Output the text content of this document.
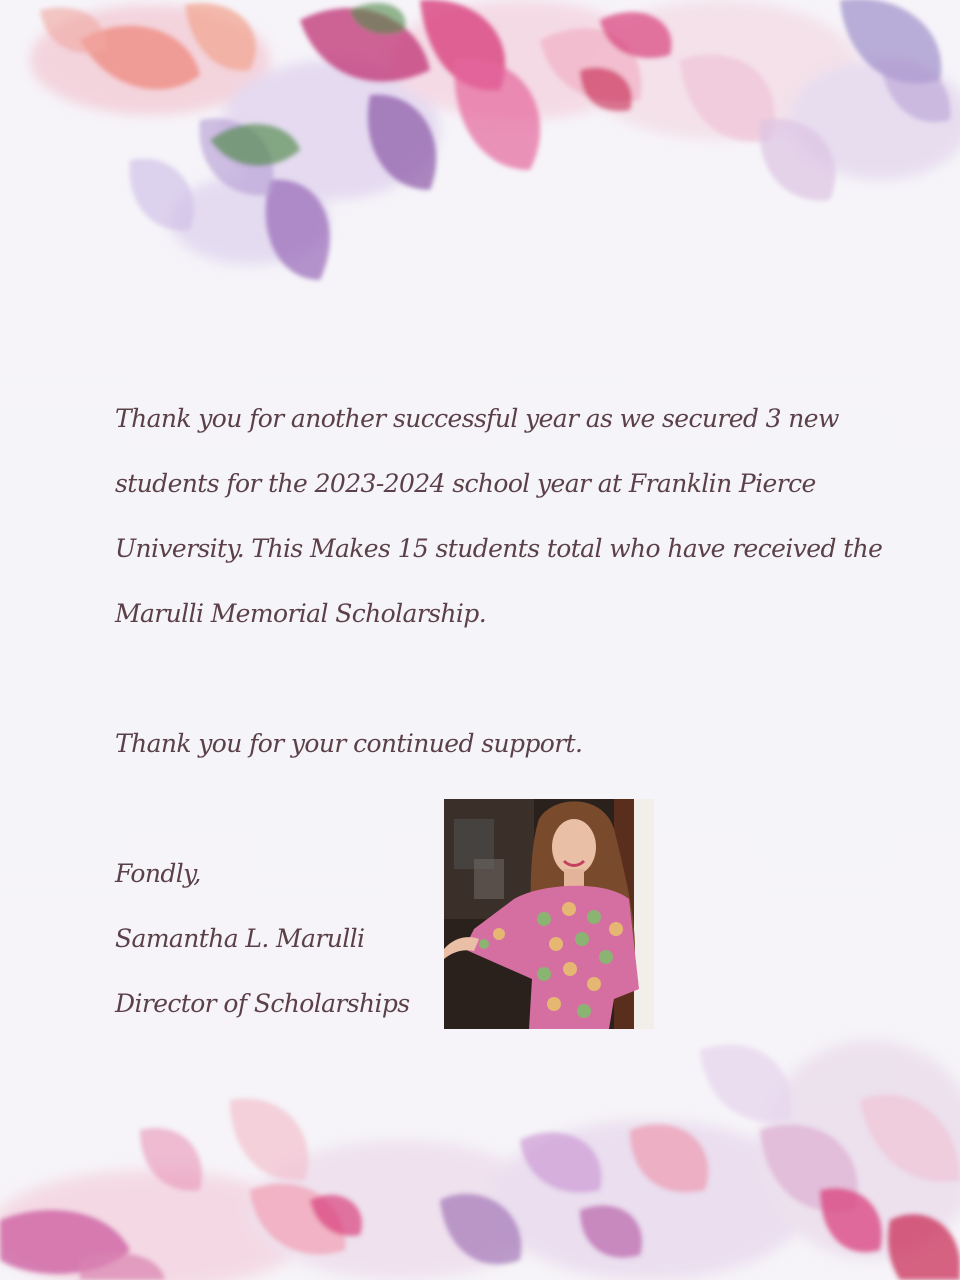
Thank you for another successful year as we secured 3 new

students for the 2023-2024 school year at Franklin Pierce

University. This Makes 15 students total who have received the

Marulli Memorial Scholarship.

Thank you for your continued support.

Fondly,

Samantha L. Marulli

Director of Scholarships
